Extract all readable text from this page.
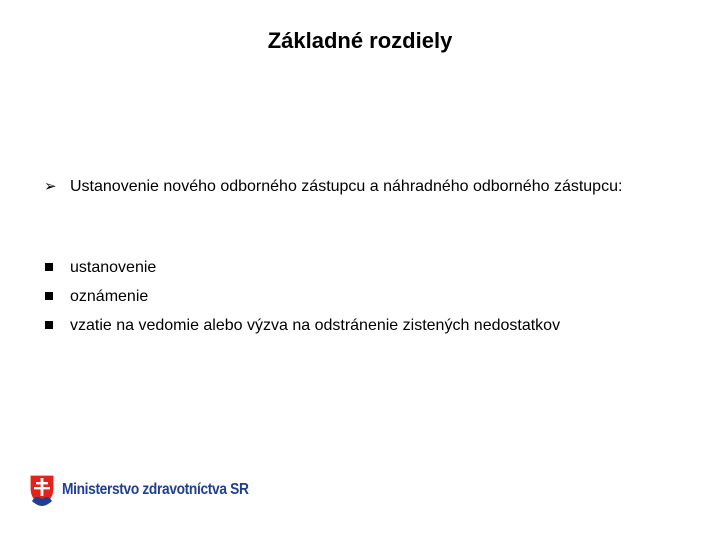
Základné rozdiely
➢ Ustanovenie nového odborného zástupcu a náhradného odborného zástupcu:
ustanovenie
oznámenie
vzatie na vedomie alebo výzva na odstránenie zistených nedostatkov
Ministerstvo zdravotníctva SR
